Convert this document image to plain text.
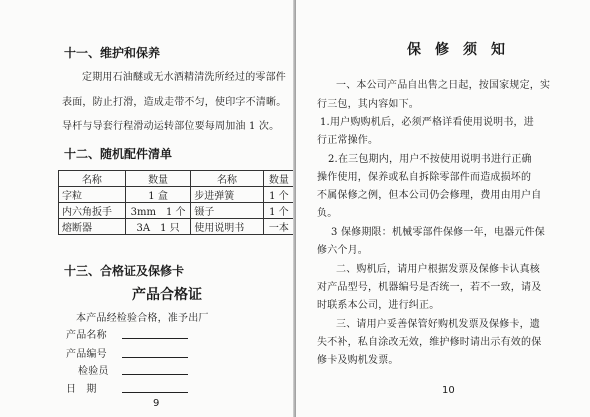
十一、维护和保养
定期用石油醚或无水酒精清洗所经过的零部件
表面，防止打滑，造成走带不匀，使印字不清晰。
导杆与导套行程滑动运转部位要每周加油 1 次。
十二、随机配件清单
名称	数量	名称	数量
字粒	1 盒	步进弹簧	1 个
内六角扳手	3mm　1 个	镊子	1 个
熔断器	3A　1 只	使用说明书	一本
十三、合格证及保修卡
产品合格证
本产品经检验合格，准予出厂
产品名称
产品编号
检验员
日　期
9
保　修　须　知
一、本公司产品自出售之日起，按国家规定，实
行三包，其内容如下。
1.用户购购机后，必须严格详看使用说明书，进
行正常操作。
2.在三包期内，用户不按使用说明书进行正确
操作使用，保养或私自拆除零部件而造成损坏的
不属保修之例，但本公司仍会修理，费用由用户自
负。
3 保修期限：机械零部件保修一年，电器元件保
修六个月。
二、购机后，请用户根据发票及保修卡认真核
对产品型号，机器编号是否统一，若不一致，请及
时联系本公司，进行纠正。
三、请用户妥善保管好购机发票及保修卡，遗
失不补，私自涂改无效，维护修时请出示有效的保
修卡及购机发票。
10
